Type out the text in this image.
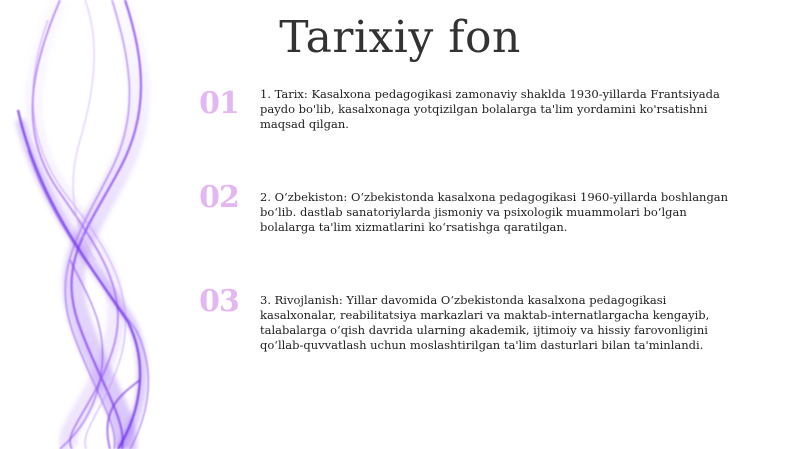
Tarixiy fon
01 1. Tarix: Kasalxona pedagogikasi zamonaviy shaklda 1930-yillarda Frantsiyada paydo bo'lib, kasalxonaga yotqizilgan bolalarga ta'lim yordamini ko'rsatishni maqsad qilgan.
02 2. O‘zbekiston: O‘zbekistonda kasalxona pedagogikasi 1960-yillarda boshlangan bo‘lib. dastlab sanatoriylarda jismoniy va psixologik muammolari bo‘lgan bolalarga ta'lim xizmatlarini ko‘rsatishga qaratilgan.
03 3. Rivojlanish: Yillar davomida O‘zbekistonda kasalxona pedagogikasi kasalxonalar, reabilitatsiya markazlari va maktab-internatlargacha kengayib, talabalarga o‘qish davrida ularning akademik, ijtimoiy va hissiy farovonligini qo‘llab-quvvatlash uchun moslashtirilgan ta'lim dasturlari bilan ta'minlandi.
